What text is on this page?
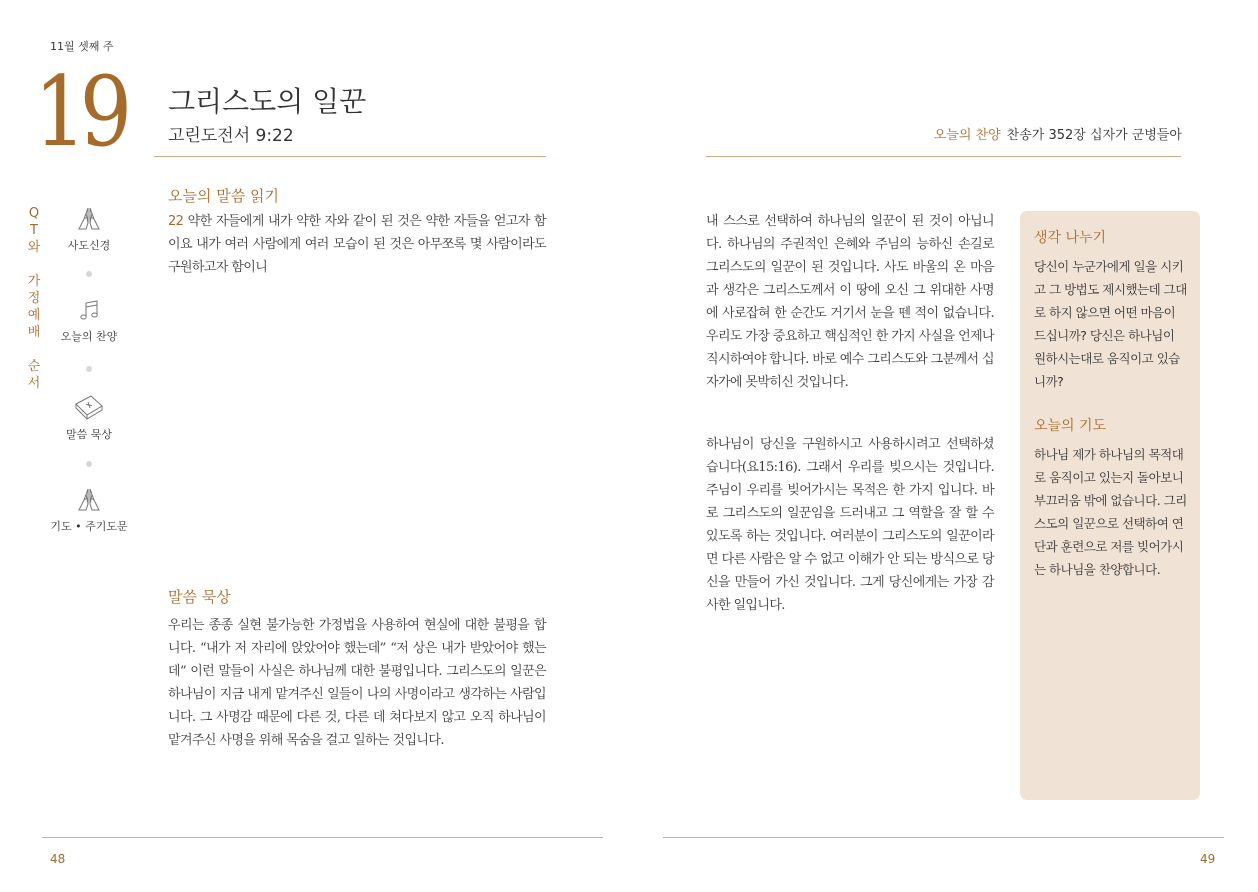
11월 셋째 주
19 그리스도의 일꾼
고린도전서 9:22	오늘의 찬양 찬송가 352장 십자가 군병들아
Q
T
와
가
정
예
배
순
서
사도신경
오늘의 찬양
말씀 묵상
기도 • 주기도문
오늘의 말씀 읽기
22 약한 자들에게 내가 약한 자와 같이 된 것은 약한 자들을 얻고자 함이요 내가 여러 사람에게 여러 모습이 된 것은 아무쪼록 몇 사람이라도 구원하고자 함이니
말씀 묵상
우리는 종종 실현 불가능한 가정법을 사용하여 현실에 대한 불평을 합니다. “내가 저 자리에 앉았어야 했는데” “저 상은 내가 받았어야 했는데” 이런 말들이 사실은 하나님께 대한 불평입니다. 그리스도의 일꾼은 하나님이 지금 내게 맡겨주신 일들이 나의 사명이라고 생각하는 사람입니다. 그 사명감 때문에 다른 것, 다른 데 쳐다보지 않고 오직 하나님이 맡겨주신 사명을 위해 목숨을 걸고 일하는 것입니다.
내 스스로 선택하여 하나님의 일꾼이 된 것이 아닙니다. 하나님의 주권적인 은혜와 주님의 능하신 손길로 그리스도의 일꾼이 된 것입니다. 사도 바울의 온 마음과 생각은 그리스도께서 이 땅에 오신 그 위대한 사명에 사로잡혀 한 순간도 거기서 눈을 뗀 적이 없습니다. 우리도 가장 중요하고 핵심적인 한 가지 사실을 언제나 직시하여야 합니다. 바로 예수 그리스도와 그분께서 십자가에 못박히신 것입니다.
하나님이 당신을 구원하시고 사용하시려고 선택하셨습니다(요15:16). 그래서 우리를 빚으시는 것입니다. 주님이 우리를 빚어가시는 목적은 한 가지 입니다. 바로 그리스도의 일꾼임을 드러내고 그 역할을 잘 할 수 있도록 하는 것입니다. 여러분이 그리스도의 일꾼이라면 다른 사람은 알 수 없고 이해가 안 되는 방식으로 당신을 만들어 가신 것입니다. 그게 당신에게는 가장 감사한 일입니다.
생각 나누기
당신이 누군가에게 일을 시키고 그 방법도 제시했는데 그대로 하지 않으면 어떤 마음이 드십니까? 당신은 하나님이 원하시는대로 움직이고 있습니까?
오늘의 기도
하나님 제가 하나님의 목적대로 움직이고 있는지 돌아보니 부끄러움 밖에 없습니다. 그리스도의 일꾼으로 선택하여 연단과 훈련으로 저를 빚어가시는 하나님을 찬양합니다.
48	49
